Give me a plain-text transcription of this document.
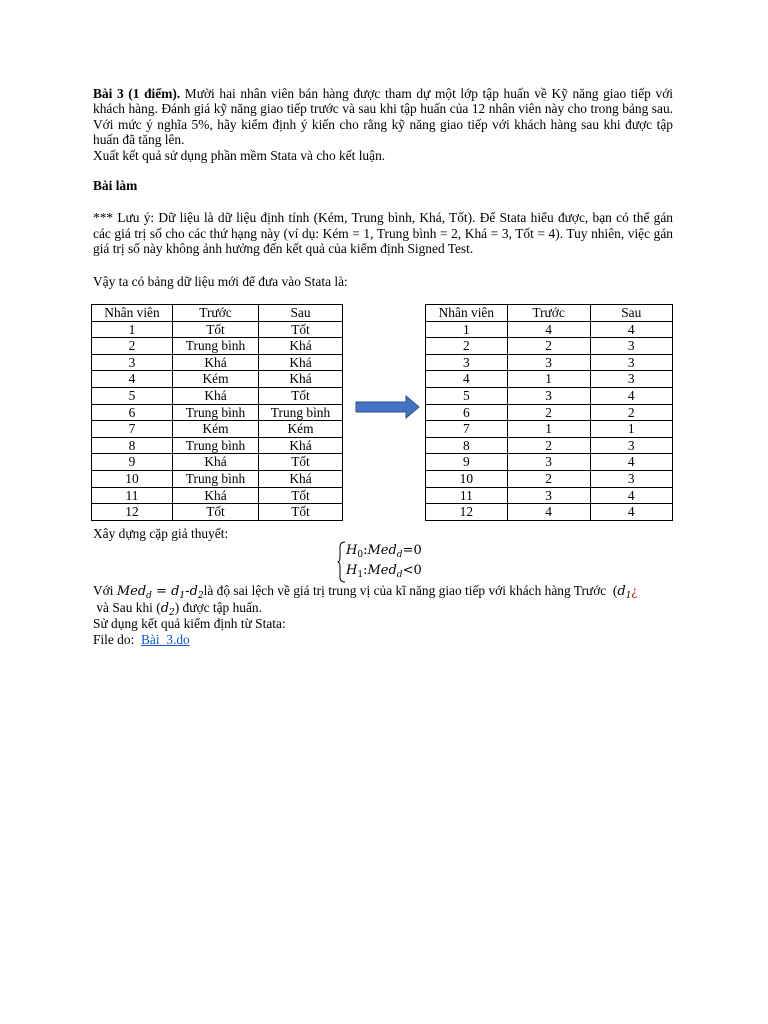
Bài 3 (1 điểm). Mười hai nhân viên bán hàng được tham dự một lớp tập huấn về Kỹ năng giao tiếp với khách hàng. Đánh giá kỹ năng giao tiếp trước và sau khi tập huấn của 12 nhân viên này cho trong bảng sau. Với mức ý nghĩa 5%, hãy kiểm định ý kiến cho rằng kỹ năng giao tiếp với khách hàng sau khi được tập huấn đã tăng lên.

Xuất kết quả sử dụng phần mềm Stata và cho kết luận.

Bài làm

*** Lưu ý: Dữ liệu là dữ liệu định tính (Kém, Trung bình, Khá, Tốt). Để Stata hiểu được, bạn có thể gán các giá trị số cho các thứ hạng này (ví dụ: Kém = 1, Trung bình = 2, Khá = 3, Tốt = 4). Tuy nhiên, việc gán giá trị số này không ảnh hưởng đến kết quả của kiểm định Signed Test.

Vậy ta có bảng dữ liệu mới để đưa vào Stata là:

Nhân viên	Trước	Sau
1	Tốt	Tốt
2	Trung bình	Khá
3	Khá	Khá
4	Kém	Khá
5	Khá	Tốt
6	Trung bình	Trung bình
7	Kém	Kém
8	Trung bình	Khá
9	Khá	Tốt
10	Trung bình	Khá
11	Khá	Tốt
12	Tốt	Tốt
Nhân viên	Trước	Sau
1	4	4
2	2	3
3	3	3
4	1	3
5	3	4
6	2	2
7	1	1
8	2	3
9	3	4
10	2	3
11	3	4
12	4	4

Xây dựng cặp giả thuyết:

$H_0:Med_d=0$
$H_1:Med_d<0$

Với $Med_d = d_1-d_2là$ độ sai lệch về giá trị trung vị của kĩ năng giao tiếp với khách hàng Trước  ($d_1¿$

và Sau khi $(d_2)$ được tập huấn.

Sử dụng kết quả kiểm định từ Stata:

File do: Bài_3.do
